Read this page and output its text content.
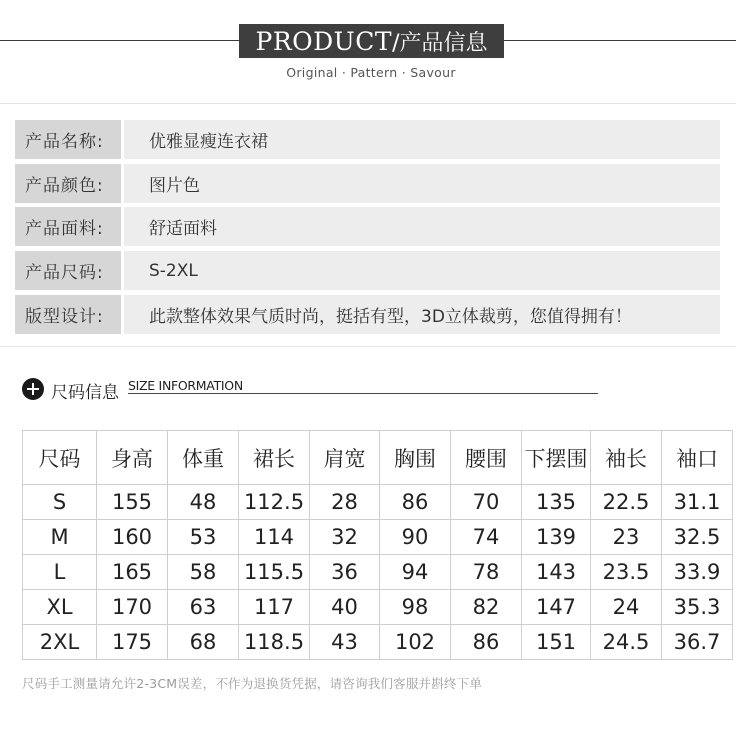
PRODUCT /产品信息
Original · Pattern · Savour
产品名称:	优雅显瘦连衣裙
产品颜色:	图片色
产品面料:	舒适面料
产品尺码:	S-2XL
版型设计:	此款整体效果气质时尚，挺括有型，3D立体裁剪，您值得拥有！
尺码信息 SIZE INFORMATION
尺码	身高	体重	裙长	肩宽	胸围	腰围	下摆围	袖长	袖口
S	155	48	112.5	28	86	70	135	22.5	31.1
M	160	53	114	32	90	74	139	23	32.5
L	165	58	115.5	36	94	78	143	23.5	33.9
XL	170	63	117	40	98	82	147	24	35.3
2XL	175	68	118.5	43	102	86	151	24.5	36.7
尺码手工测量请允许2-3CM误差，不作为退换货凭据，请咨询我们客服并斟终下单
